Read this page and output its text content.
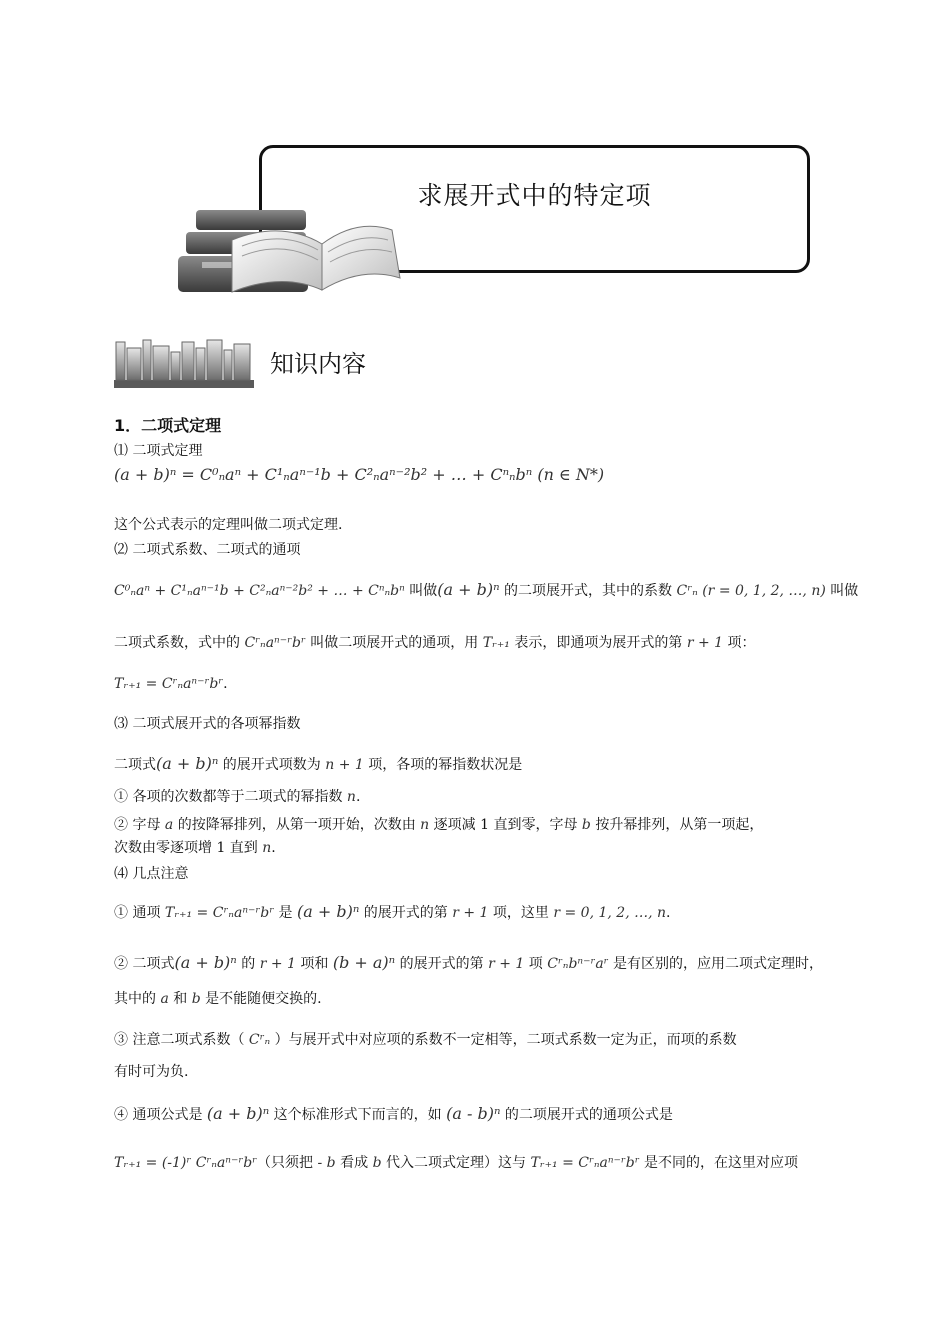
求展开式中的特定项
知识内容
1．二项式定理
⑴ 二项式定理
(a + b)ⁿ = C⁰ₙaⁿ + C¹ₙaⁿ⁻¹b + C²ₙaⁿ⁻²b² + … + Cⁿₙbⁿ (n ∈ N*)
这个公式表示的定理叫做二项式定理.
⑵ 二项式系数、二项式的通项
C⁰ₙaⁿ + C¹ₙaⁿ⁻¹b + C²ₙaⁿ⁻²b² + … + Cⁿₙbⁿ 叫做(a + b)ⁿ 的二项展开式，其中的系数 Cʳₙ (r = 0, 1, 2, …, n) 叫做
二项式系数，式中的 Cʳₙaⁿ⁻ʳbʳ 叫做二项展开式的通项，用 Tᵣ₊₁ 表示，即通项为展开式的第 r + 1 项：
Tᵣ₊₁ = Cʳₙaⁿ⁻ʳbʳ.
⑶ 二项式展开式的各项幂指数
二项式(a + b)ⁿ 的展开式项数为 n + 1 项，各项的幂指数状况是
① 各项的次数都等于二项式的幂指数 n.
② 字母 a 的按降幂排列，从第一项开始，次数由 n 逐项减 1 直到零，字母 b 按升幂排列，从第一项起，
次数由零逐项增 1 直到 n.
⑷ 几点注意
① 通项 Tᵣ₊₁ = Cʳₙaⁿ⁻ʳbʳ 是 (a + b)ⁿ 的展开式的第 r + 1 项，这里 r = 0, 1, 2, …, n.
② 二项式(a + b)ⁿ 的 r + 1 项和 (b + a)ⁿ 的展开式的第 r + 1 项 Cʳₙbⁿ⁻ʳaʳ 是有区别的，应用二项式定理时，
其中的 a 和 b 是不能随便交换的.
③ 注意二项式系数（ Cʳₙ ）与展开式中对应项的系数不一定相等，二项式系数一定为正，而项的系数
有时可为负.
④ 通项公式是 (a + b)ⁿ 这个标准形式下而言的，如 (a - b)ⁿ 的二项展开式的通项公式是
Tᵣ₊₁ = (-1)ʳ Cʳₙaⁿ⁻ʳbʳ（只须把 - b 看成 b 代入二项式定理）这与 Tᵣ₊₁ = Cʳₙaⁿ⁻ʳbʳ 是不同的，在这里对应项
